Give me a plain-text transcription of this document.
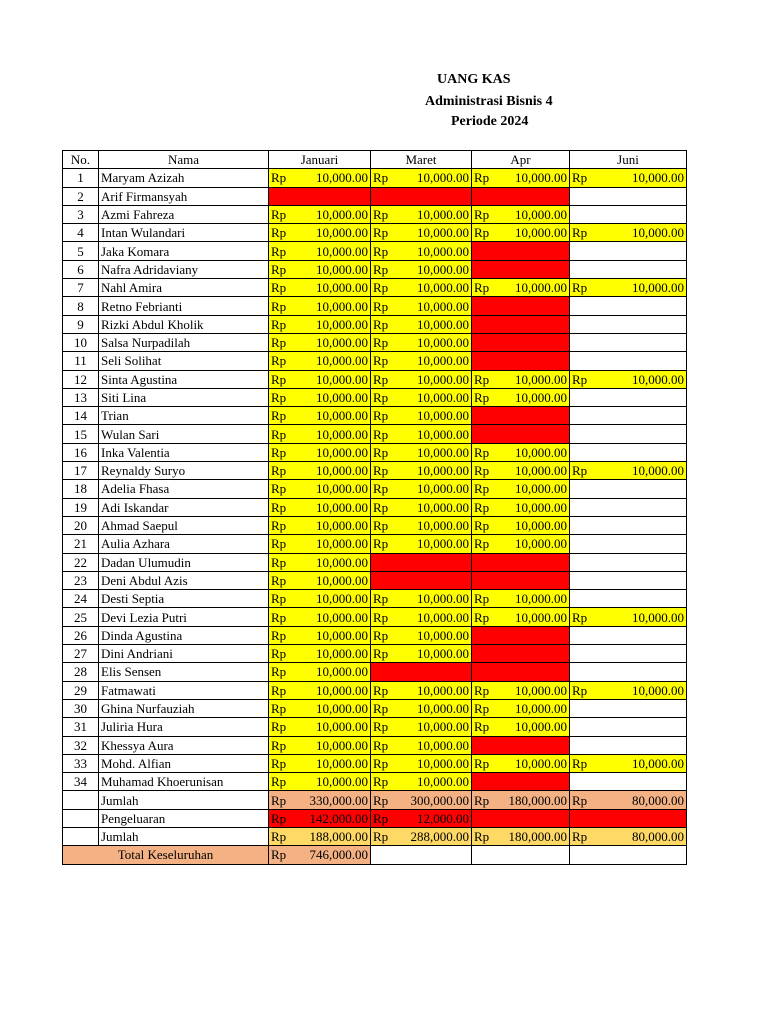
UANG KAS
Administrasi Bisnis 4
Periode 2024
No.	Nama	Januari	Maret	Apr	Juni
1	Maryam Azizah	Rp 10,000.00	Rp 10,000.00	Rp 10,000.00	Rp 10,000.00

2	Arif Firmansyah				
3	Azmi Fahreza	Rp 10,000.00	Rp 10,000.00	Rp 10,000.00	

4	Intan Wulandari	Rp 10,000.00	Rp 10,000.00	Rp 10,000.00	Rp 10,000.00

5	Jaka Komara	Rp 10,000.00	Rp 10,000.00		

6	Nafra Adridaviany	Rp 10,000.00	Rp 10,000.00		

7	Nahl Amira	Rp 10,000.00	Rp 10,000.00	Rp 10,000.00	Rp 10,000.00

8	Retno Febrianti	Rp 10,000.00	Rp 10,000.00		

9	Rizki Abdul Kholik	Rp 10,000.00	Rp 10,000.00		

10	Salsa Nurpadilah	Rp 10,000.00	Rp 10,000.00		

11	Seli Solihat	Rp 10,000.00	Rp 10,000.00		

12	Sinta Agustina	Rp 10,000.00	Rp 10,000.00	Rp 10,000.00	Rp 10,000.00

13	Siti Lina	Rp 10,000.00	Rp 10,000.00	Rp 10,000.00	

14	Trian	Rp 10,000.00	Rp 10,000.00		

15	Wulan Sari	Rp 10,000.00	Rp 10,000.00		

16	Inka Valentia	Rp 10,000.00	Rp 10,000.00	Rp 10,000.00	

17	Reynaldy Suryo	Rp 10,000.00	Rp 10,000.00	Rp 10,000.00	Rp 10,000.00

18	Adelia Fhasa	Rp 10,000.00	Rp 10,000.00	Rp 10,000.00	

19	Adi Iskandar	Rp 10,000.00	Rp 10,000.00	Rp 10,000.00	

20	Ahmad Saepul	Rp 10,000.00	Rp 10,000.00	Rp 10,000.00	

21	Aulia Azhara	Rp 10,000.00	Rp 10,000.00	Rp 10,000.00	

22	Dadan Ulumudin	Rp 10,000.00			

23	Deni Abdul Azis	Rp 10,000.00			

24	Desti Septia	Rp 10,000.00	Rp 10,000.00	Rp 10,000.00	

25	Devi Lezia Putri	Rp 10,000.00	Rp 10,000.00	Rp 10,000.00	Rp 10,000.00

26	Dinda Agustina	Rp 10,000.00	Rp 10,000.00		

27	Dini Andriani	Rp 10,000.00	Rp 10,000.00		

28	Elis Sensen	Rp 10,000.00			

29	Fatmawati	Rp 10,000.00	Rp 10,000.00	Rp 10,000.00	Rp 10,000.00

30	Ghina Nurfauziah	Rp 10,000.00	Rp 10,000.00	Rp 10,000.00	

31	Juliria Hura	Rp 10,000.00	Rp 10,000.00	Rp 10,000.00	

32	Khessya Aura	Rp 10,000.00	Rp 10,000.00		

33	Mohd. Alfian	Rp 10,000.00	Rp 10,000.00	Rp 10,000.00	Rp 10,000.00

34	Muhamad Khoerunisan	Rp 10,000.00	Rp 10,000.00		

	Jumlah	Rp 330,000.00	Rp 300,000.00	Rp 180,000.00	Rp 80,000.00

	Pengeluaran	Rp 142,000.00	Rp 12,000.00		

	Jumlah	Rp 188,000.00	Rp 288,000.00	Rp 180,000.00	Rp 80,000.00

Total Keseluruhan		Rp 746,000.00			
